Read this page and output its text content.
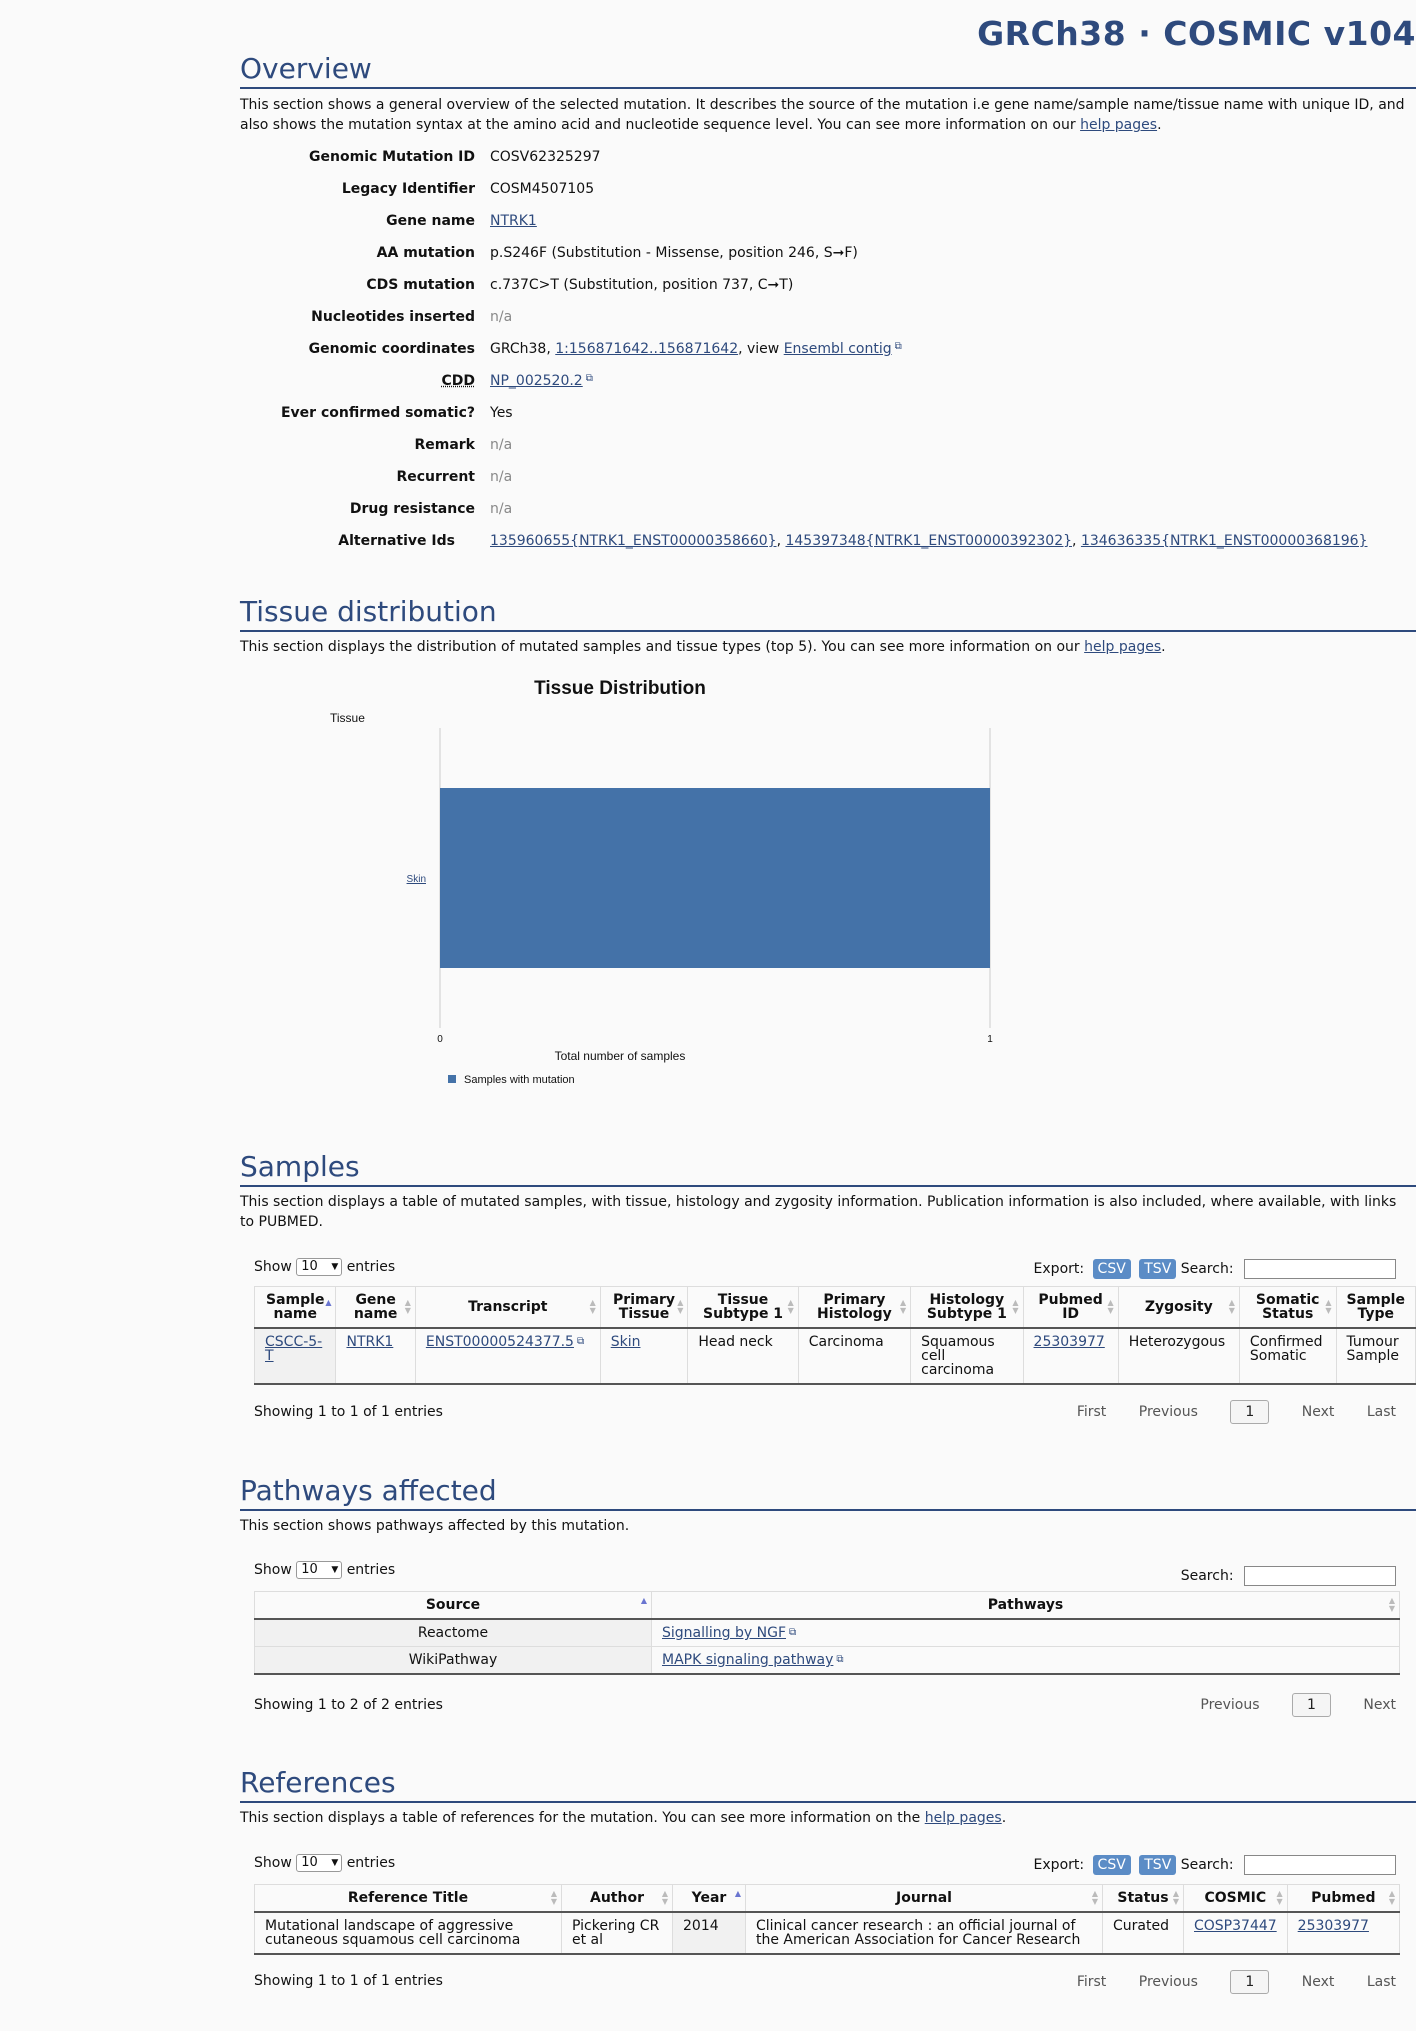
GRCh38 · COSMIC v104
Overview
This section shows a general overview of the selected mutation. It describes the source of the mutation i.e gene name/sample name/tissue name with unique ID, and
also shows the mutation syntax at the amino acid and nucleotide sequence level. You can see more information on our help pages.
Genomic Mutation ID COSV62325297
Legacy Identifier COSM4507105
Gene name NTRK1
AA mutation p.S246F (Substitution - Missense, position 246, S➞F)
CDS mutation c.737C>T (Substitution, position 737, C➞T)
Nucleotides inserted n/a
Genomic coordinates GRCh38, 1:156871642..156871642, view Ensembl contig ⧉
CDD NP_002520.2 ⧉
Ever confirmed somatic? Yes
Remark n/a
Recurrent n/a
Drug resistance n/a
Alternative Ids	135960655{NTRK1_ENST00000358660}, 145397348{NTRK1_ENST00000392302}, 134636335{NTRK1_ENST00000368196}
Tissue distribution
This section displays the distribution of mutated samples and tissue types (top 5). You can see more information on our help pages.
Tissue Distribution
Tissue
0	1
Skin
Total number of samples
Samples with mutation
Samples
This section displays a table of mutated samples, with tissue, histology and zygosity information. Publication information is also included, where available, with links
to PUBMED.
Show 10 ▼ entries	Export: CSV TSV Search:
Sample name
▲	Gene name
▲
▼	Transcript ▲
▼	Primary Tissue
▲
▼	Tissue Subtype 1
▲
▼	Primary Histology
▲
▼	Histology Subtype 1
▲
▼	Pubmed ID
▲
▼	Zygosity ▲
▼	Somatic Status
▲
▼	Sample Type
CSCC-5-T	NTRK1	ENST00000524377.5 ⧉	Skin	Head neck	Carcinoma	Squamous cell carcinoma	25303977	Heterozygous	Confirmed Somatic	Tumour Sample
Showing 1 to 1 of 1 entries	First Previous	1	Next Last
Pathways affected
This section shows pathways affected by this mutation.
Show 10 ▼ entries	Search:
Source ▲	Pathways ▲
▼

Reactome	Signalling by NGF ⧉
WikiPathway	MAPK signaling pathway ⧉
Showing 1 to 2 of 2 entries	Previous	1	Next
References
This section displays a table of references for the mutation. You can see more information on the help pages.
Show 10 ▼ entries	Export: CSV TSV Search:
Reference Title ▲
▼	Author ▲
▼	Year ▲	Journal ▲
▼	Status ▲
▼	COSMIC ▲
▼	Pubmed ▲
▼

Mutational landscape of aggressive cutaneous squamous cell carcinoma	Pickering CR et al	2014	Clinical cancer research : an official journal of the American Association for Cancer Research	Curated	COSP37447	25303977
Showing 1 to 1 of 1 entries	First Previous	1	Next Last
